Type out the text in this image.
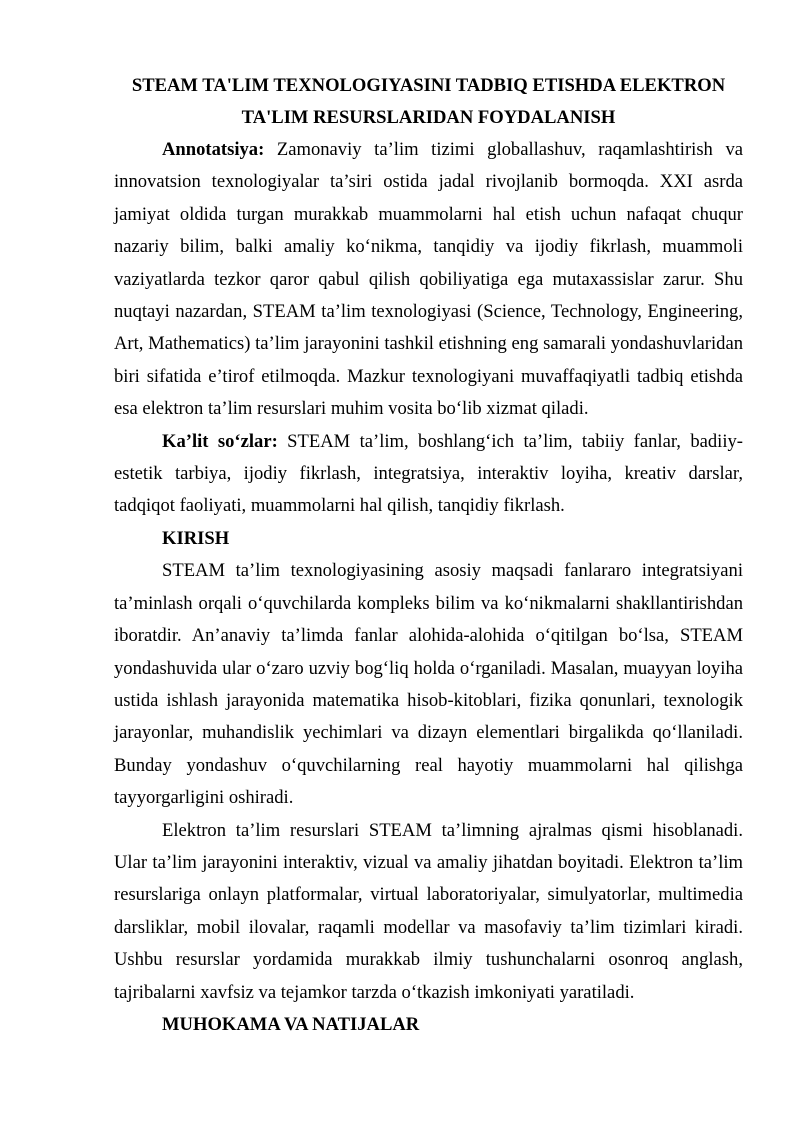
STEAM TA'LIM TEXNOLOGIYASINI TADBIQ ETISHDA ELEKTRON
TA'LIM RESURSLARIDAN FOYDALANISH

Annotatsiya: Zamonaviy ta’lim tizimi globallashuv, raqamlashtirish va innovatsion texnologiyalar ta’siri ostida jadal rivojlanib bormoqda. XXI asrda jamiyat oldida turgan murakkab muammolarni hal etish uchun nafaqat chuqur nazariy bilim, balki amaliy ko‘nikma, tanqidiy va ijodiy fikrlash, muammoli vaziyatlarda tezkor qaror qabul qilish qobiliyatiga ega mutaxassislar zarur. Shu nuqtayi nazardan, STEAM ta’lim texnologiyasi (Science, Technology, Engineering, Art, Mathematics) ta’lim jarayonini tashkil etishning eng samarali yondashuvlaridan biri sifatida e’tirof etilmoqda. Mazkur texnologiyani muvaffaqiyatli tadbiq etishda esa elektron ta’lim resurslari muhim vosita bo‘lib xizmat qiladi.

Ka’lit so‘zlar: STEAM ta’lim, boshlang‘ich ta’lim, tabiiy fanlar, badiiy-estetik tarbiya, ijodiy fikrlash, integratsiya, interaktiv loyiha, kreativ darslar, tadqiqot faoliyati, muammolarni hal qilish, tanqidiy fikrlash.

KIRISH

STEAM ta’lim texnologiyasining asosiy maqsadi fanlararo integratsiyani ta’minlash orqali o‘quvchilarda kompleks bilim va ko‘nikmalarni shakllantirishdan iboratdir. An’anaviy ta’limda fanlar alohida-alohida o‘qitilgan bo‘lsa, STEAM yondashuvida ular o‘zaro uzviy bog‘liq holda o‘rganiladi. Masalan, muayyan loyiha ustida ishlash jarayonida matematika hisob-kitoblari, fizika qonunlari, texnologik jarayonlar, muhandislik yechimlari va dizayn elementlari birgalikda qo‘llaniladi. Bunday yondashuv o‘quvchilarning real hayotiy muammolarni hal qilishga tayyorgarligini oshiradi.

Elektron ta’lim resurslari STEAM ta’limning ajralmas qismi hisoblanadi. Ular ta’lim jarayonini interaktiv, vizual va amaliy jihatdan boyitadi. Elektron ta’lim resurslariga onlayn platformalar, virtual laboratoriyalar, simulyatorlar, multimedia darsliklar, mobil ilovalar, raqamli modellar va masofaviy ta’lim tizimlari kiradi. Ushbu resurslar yordamida murakkab ilmiy tushunchalarni osonroq anglash, tajribalarni xavfsiz va tejamkor tarzda o‘tkazish imkoniyati yaratiladi.

MUHOKAMA VA NATIJALAR
